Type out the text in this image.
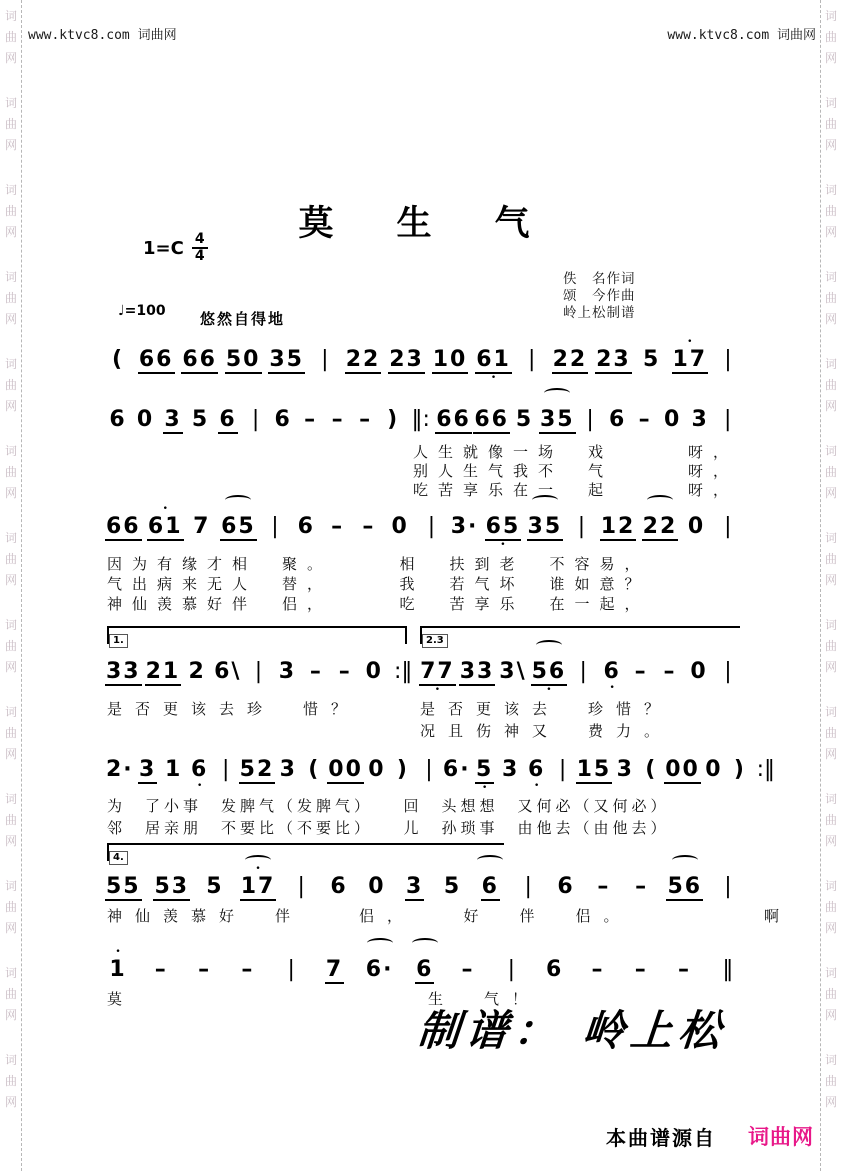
词
曲
网
词
曲
网
词
曲
网
词
曲
网
词
曲
网
词
曲
网
词
曲
网
词
曲
网
词
曲
网
词
曲
网
词
曲
网
词
曲
网
词
曲
网
词
曲
网
词
曲
网
词
曲
网
词
曲
网
词
曲
网
词
曲
网
词
曲
网
词
曲
网
词
曲
网
词
曲
网
词
曲
网
词
曲
网
词
曲
网
www.ktvc8.com 词曲网	www.ktvc8.com 词曲网
莫　生　气
$1=C \frac{4}{4}$
♩=100 悠然自得地
佚　名作词
颂　今作曲
岭上松制谱
( 66 66 50 35 | 22 23 10 61
•
| 22 23 5
•
17 |
6 0 3 5 6 | 6 – – – ) ‖: 66 66 5 35 | 6 – 0 3 |
人生就像一场　戏　　　呀，
别人生气我不　气　　　呀，
吃苦享乐在一　起　　　呀，
66
•
61 7 65 | 6 – – 0 | 3· 65
•
35 | 12 22 0 |
因为有缘才相　聚。　　　相　扶到老　不容易，
气出病来无人　替，　　　我　若气坏　谁如意？
神仙羡慕好伴　侣，　　　吃　苦享乐　在一起，
1.	2.3
33 21 2 6\ | 3 – – 0 :‖ 77
•
33 3\ 56
•
| 6
•
– – 0 |
是否更该去珍　惜？	是否更该去　珍惜？
况且伤神又　费力。
2· 3 1 6
•
| 52 3 ( 00 0 ) | 6· 5
•
3 6
•
| 15 3 ( 00 0 ) :‖
为　了小事　发脾气（发脾气）　　回　头想想　又何必（又何必）
邻　居亲朋　不要比（不要比）　　儿　孙琐事　由他去（由他去）
4.
55 53 5
•
17 | 6 0 3 5 6 | 6 – – 56 |
神仙羡慕好　伴　　侣，　　好　伴　侣。　　　　　啊
•
1 – – – | 7 6· 6 – | 6 – – – ‖
莫	生　气！
制谱： 岭上松
本曲谱源自 词曲网
